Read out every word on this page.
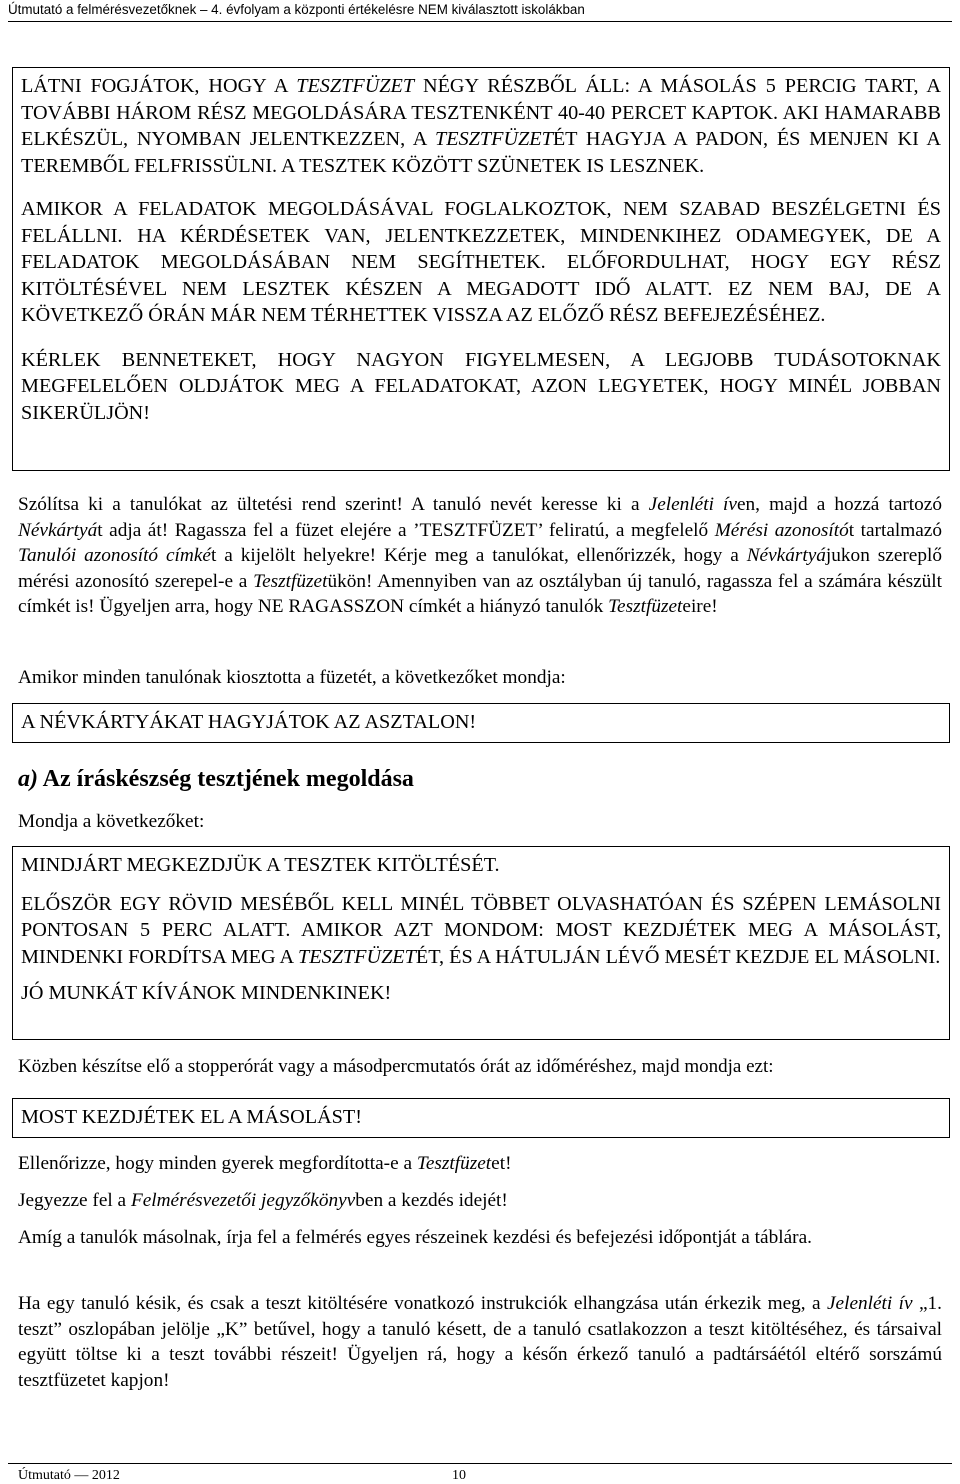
Útmutató a felmérésvezetőknek – 4. évfolyam a központi értékelésre NEM kiválasztott iskolákban

LÁTNI FOGJÁTOK, HOGY A TESZTFÜZET NÉGY RÉSZBŐL ÁLL: A MÁSOLÁS 5 PERCIG TART, A TOVÁBBI HÁROM RÉSZ MEGOLDÁSÁRA TESZTENKÉNT 40-40 PERCET KAPTOK. AKI HAMARABB ELKÉSZÜL, NYOMBAN JELENTKEZZEN, A TESZTFÜZETÉT HAGYJA A PADON, ÉS MENJEN KI A TEREMBŐL FELFRISSÜLNI. A TESZTEK KÖZÖTT SZÜNETEK IS LESZNEK.

AMIKOR A FELADATOK MEGOLDÁSÁVAL FOGLALKOZTOK, NEM SZABAD BESZÉLGETNI ÉS FELÁLLNI. HA KÉRDÉSETEK VAN, JELENTKEZZETEK, MINDENKIHEZ ODAMEGYEK, DE A FELADATOK MEGOLDÁSÁBAN NEM SEGÍTHETEK. ELŐFORDULHAT, HOGY EGY RÉSZ KITÖLTÉSÉVEL NEM LESZTEK KÉSZEN A MEGADOTT IDŐ ALATT. EZ NEM BAJ, DE A KÖVETKEZŐ ÓRÁN MÁR NEM TÉRHETTEK VISSZA AZ ELŐZŐ RÉSZ BEFEJEZÉSÉHEZ.

KÉRLEK BENNETEKET, HOGY NAGYON FIGYELMESEN, A LEGJOBB TUDÁSOTOKNAK MEGFELELŐEN OLDJÁTOK MEG A FELADATOKAT, AZON LEGYETEK, HOGY MINÉL JOBBAN SIKERÜLJÖN!

Szólítsa ki a tanulókat az ültetési rend szerint! A tanuló nevét keresse ki a Jelenléti íven, majd a hozzá tartozó Névkártyát adja át! Ragassza fel a füzet elejére a ’TESZTFÜZET’ feliratú, a megfelelő Mérési azonosítót tartalmazó Tanulói azonosító címkét a kijelölt helyekre! Kérje meg a tanulókat, ellenőrizzék, hogy a Névkártyájukon szereplő mérési azonosító szerepel-e a Tesztfüzetükön! Amennyiben van az osztályban új tanuló, ragassza fel a számára készült címkét is! Ügyeljen arra, hogy NE RAGASSZON címkét a hiányzó tanulók Tesztfüzeteire!
Amikor minden tanulónak kiosztotta a füzetét, a következőket mondja:

A NÉVKÁRTYÁKAT HAGYJÁTOK AZ ASZTALON!

a) Az íráskészség tesztjének megoldása
Mondja a következőket:

MINDJÁRT MEGKEZDJÜK A TESZTEK KITÖLTÉSÉT.

ELŐSZÖR EGY RÖVID MESÉBŐL KELL MINÉL TÖBBET OLVASHATÓAN ÉS SZÉPEN LEMÁSOLNI PONTOSAN 5 PERC ALATT. AMIKOR AZT MONDOM: MOST KEZDJÉTEK MEG A MÁSOLÁST, MINDENKI FORDÍTSA MEG A TESZTFÜZETÉT, ÉS A HÁTULJÁN LÉVŐ MESÉT KEZDJE EL MÁSOLNI.

JÓ MUNKÁT KÍVÁNOK MINDENKINEK!

Közben készítse elő a stopperórát vagy a másodpercmutatós órát az időméréshez, majd mondja ezt:

MOST KEZDJÉTEK EL A MÁSOLÁST!

Ellenőrizze, hogy minden gyerek megfordította-e a Tesztfüzetet!
Jegyezze fel a Felmérésvezetői jegyzőkönyvben a kezdés idejét!
Amíg a tanulók másolnak, írja fel a felmérés egyes részeinek kezdési és befejezési időpontját a táblára.
Ha egy tanuló késik, és csak a teszt kitöltésére vonatkozó instrukciók elhangzása után érkezik meg, a Jelenléti ív „1. teszt” oszlopában jelölje „K” betűvel, hogy a tanuló késett, de a tanuló csatlakozzon a teszt kitöltéséhez, és társaival együtt töltse ki a teszt további részeit! Ügyeljen rá, hogy a későn érkező tanuló a padtársáétól eltérő sorszámú tesztfüzetet kapjon!
Útmutató — 2012	10
